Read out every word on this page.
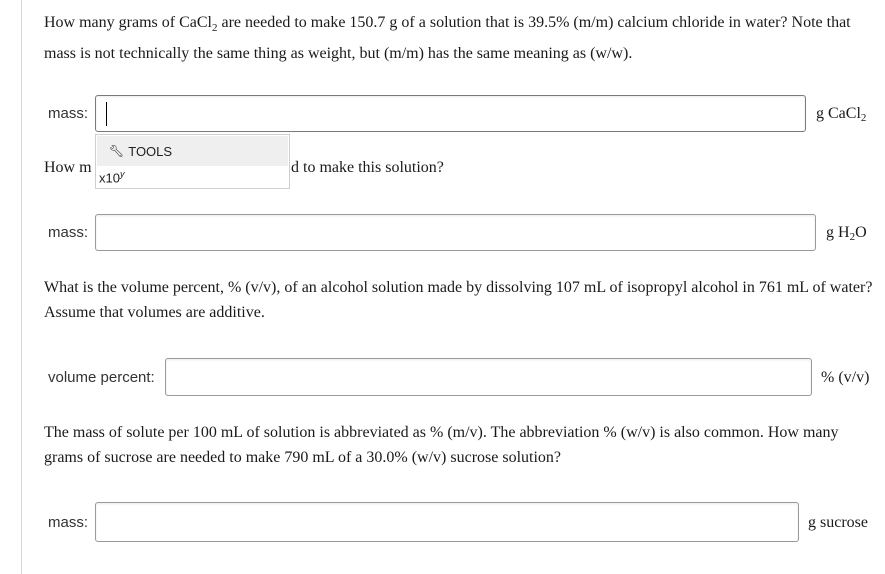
How many grams of CaCl$_2$ are needed to make 150.7 g of a solution that is 39.5% (m/m) calcium chloride in water? Note that mass is not technically the same thing as weight, but (m/m) has the same meaning as (w/w).
mass:	g CaCl$_2$
How m	d to make this solution?
🔧︎ TOOLS
x10$^y$
mass:	g $H_2O$
What is the volume percent, % (v/v), of an alcohol solution made by dissolving 107 mL of isopropyl alcohol in 761 mL of water? Assume that volumes are additive.
volume percent:	% (v/v)
The mass of solute per 100 mL of solution is abbreviated as % (m/v). The abbreviation % (w/v) is also common. How many grams of sucrose are needed to make 790 mL of a 30.0% (w/v) sucrose solution?
mass:	g sucrose
